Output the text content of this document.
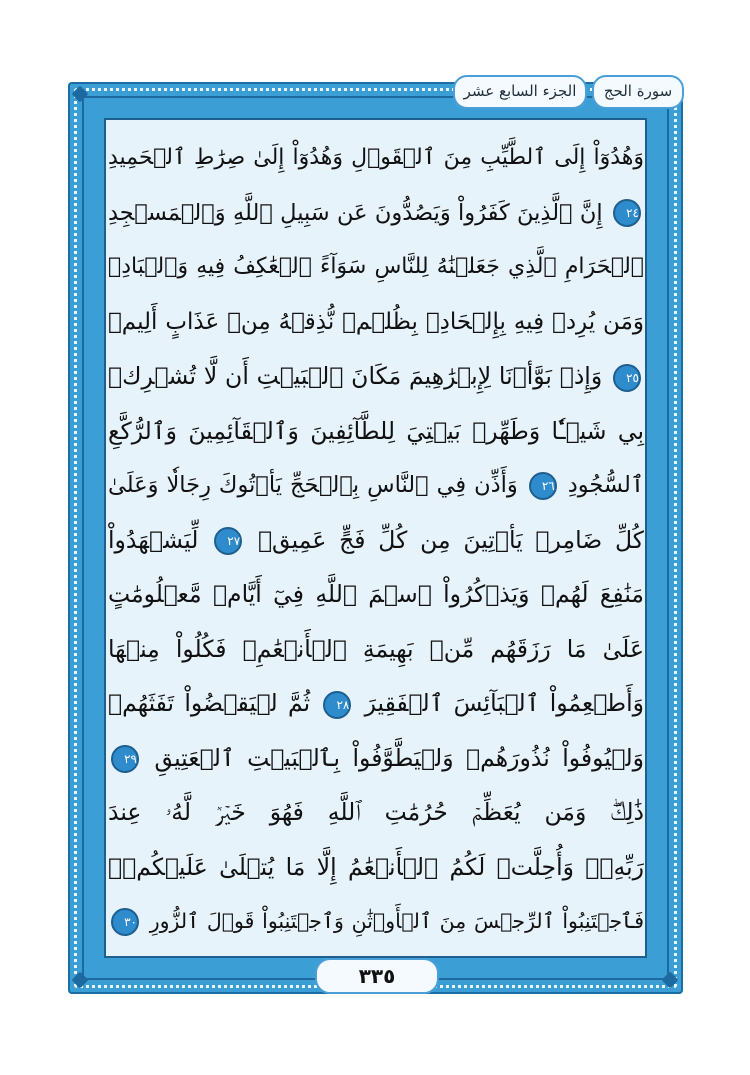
الجزء السابع عشر	سورة الحج
وَهُدُوٓاْ إِلَى ٱلطَّيِّبِ مِنَ ٱلۡقَوۡلِ وَهُدُوٓاْ إِلَىٰ صِرَٰطِ ٱلۡحَمِيدِ
٢٤ إِنَّ ٱلَّذِينَ كَفَرُواْ وَيَصُدُّونَ عَن سَبِيلِ ٱللَّهِ وَٱلۡمَسۡجِدِ
ٱلۡحَرَامِ ٱلَّذِي جَعَلۡنَٰهُ لِلنَّاسِ سَوَآءً ٱلۡعَٰكِفُ فِيهِ وَٱلۡبَادِۚ
وَمَن يُرِدۡ فِيهِ بِإِلۡحَادِۭ بِظُلۡمٖ نُّذِقۡهُ مِنۡ عَذَابٍ أَلِيمٖ
٢٥ وَإِذۡ بَوَّأۡنَا لِإِبۡرَٰهِيمَ مَكَانَ ٱلۡبَيۡتِ أَن لَّا تُشۡرِكۡ
بِي شَيۡـٔٗا وَطَهِّرۡ بَيۡتِيَ لِلطَّآئِفِينَ وَٱلۡقَآئِمِينَ وَٱلرُّكَّعِ
ٱلسُّجُودِ ٢٦ وَأَذِّن فِي ٱلنَّاسِ بِٱلۡحَجِّ يَأۡتُوكَ رِجَالٗا وَعَلَىٰ
كُلِّ ضَامِرٖ يَأۡتِينَ مِن كُلِّ فَجٍّ عَمِيقٖ ٢٧ لِّيَشۡهَدُواْ
مَنَٰفِعَ لَهُمۡ وَيَذۡكُرُواْ ٱسۡمَ ٱللَّهِ فِيٓ أَيَّامٖ مَّعۡلُومَٰتٍ
عَلَىٰ مَا رَزَقَهُم مِّنۢ بَهِيمَةِ ٱلۡأَنۡعَٰمِۖ فَكُلُواْ مِنۡهَا
وَأَطۡعِمُواْ ٱلۡبَآئِسَ ٱلۡفَقِيرَ ٢٨ ثُمَّ لۡيَقۡضُواْ تَفَثَهُمۡ
وَلۡيُوفُواْ نُذُورَهُمۡ وَلۡيَطَّوَّفُواْ بِٱلۡبَيۡتِ ٱلۡعَتِيقِ ٢٩
ذَٰلِكَۖ وَمَن يُعَظِّمۡ حُرُمَٰتِ ٱللَّهِ فَهُوَ خَيۡرٞ لَّهُۥ عِندَ
رَبِّهِۦۗ وَأُحِلَّتۡ لَكُمُ ٱلۡأَنۡعَٰمُ إِلَّا مَا يُتۡلَىٰ عَلَيۡكُمۡۖ
فَٱجۡتَنِبُواْ ٱلرِّجۡسَ مِنَ ٱلۡأَوۡثَٰنِ وَٱجۡتَنِبُواْ قَوۡلَ ٱلزُّورِ ٣٠
٣٣٥
